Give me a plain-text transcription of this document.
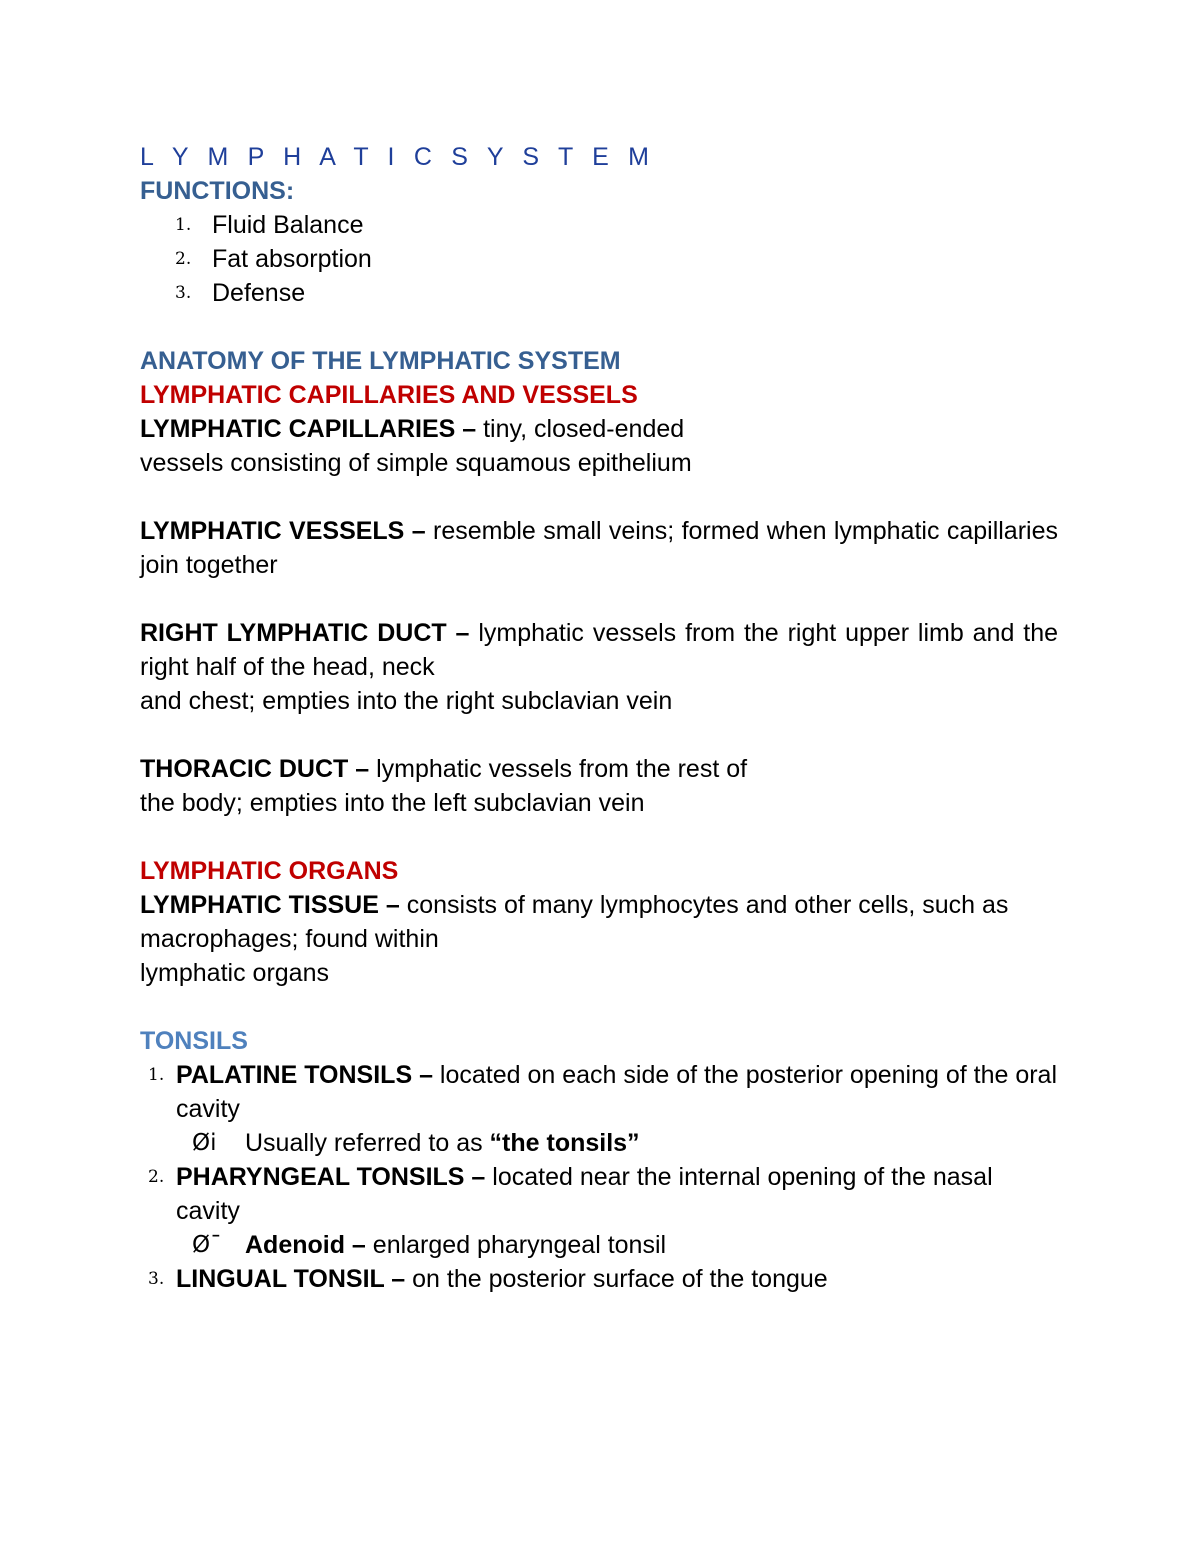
L Y M P H A T I C S Y S T E M
FUNCTIONS:
1. Fluid Balance
2. Fat absorption
3. Defense
ANATOMY OF THE LYMPHATIC SYSTEM
LYMPHATIC CAPILLARIES AND VESSELS

LYMPHATIC CAPILLARIES – tiny, closed-ended

vessels consisting of simple squamous epithelium

LYMPHATIC VESSELS – resemble small veins; formed when lymphatic capillaries join together

RIGHT LYMPHATIC DUCT – lymphatic vessels from the right upper limb and the right half of the head, neck

and chest; empties into the right subclavian vein

THORACIC DUCT – lymphatic vessels from the rest of

the body; empties into the left subclavian vein

LYMPHATIC ORGANS

LYMPHATIC TISSUE – consists of many lymphocytes and other cells, such as macrophages; found within

lymphatic organs

TONSILS
1. PALATINE TONSILS – located on each side of the posterior opening of the oral cavity
Øⅰ Usually referred to as “the tonsils”
2. PHARYNGEAL TONSILS – located near the internal opening of the nasal cavity
Ø¯ Adenoid – enlarged pharyngeal tonsil
3. LINGUAL TONSIL – on the posterior surface of the tongue
